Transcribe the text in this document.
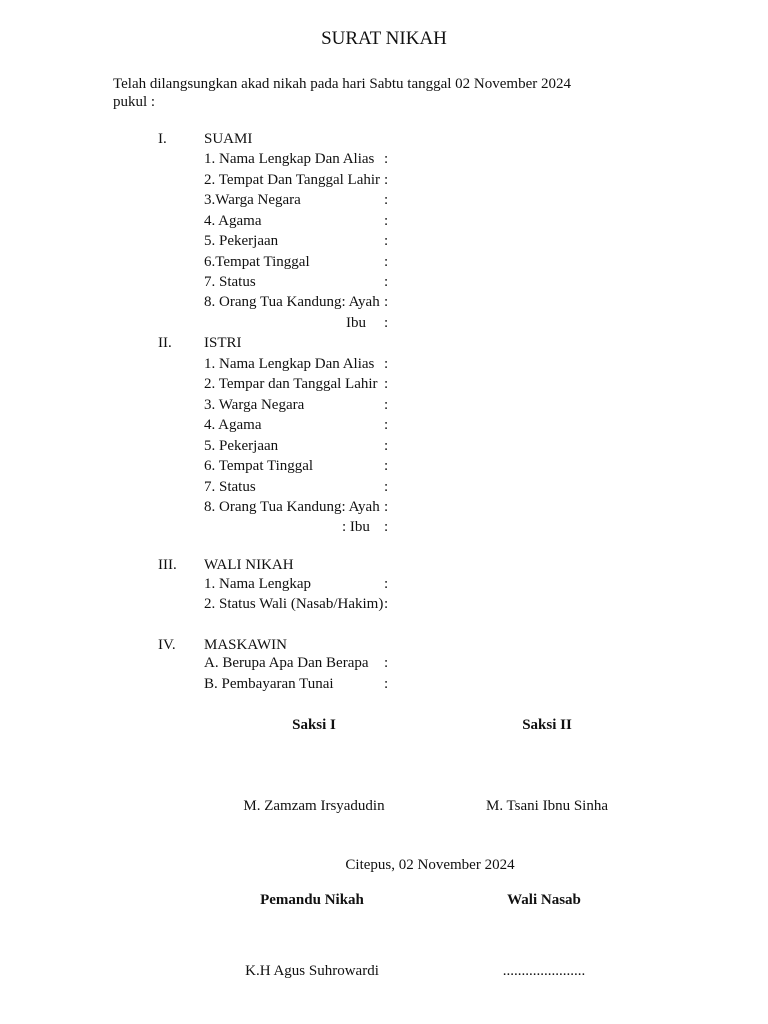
SURAT NIKAH
Telah dilangsungkan akad nikah pada hari Sabtu tanggal 02 November 2024
pukul :
I. SUAMI
1. Nama Lengkap Dan Alias :
2. Tempat Dan Tanggal Lahir :
3.Warga Negara	:
4. Agama	:
5. Pekerjaan	:
6.Tempat Tinggal	:
7. Status	:
8. Orang Tua Kandung: Ayah :
Ibu :
II. ISTRI
1. Nama Lengkap Dan Alias :
2. Tempar dan Tanggal Lahir :
3. Warga Negara	:
4. Agama	:
5. Pekerjaan	:
6. Tempat Tinggal	:
7. Status	:
8. Orang Tua Kandung: Ayah :
: Ibu :
III. WALI NIKAH
1. Nama Lengkap	:
2. Status Wali (Nasab/Hakim) :
IV. MASKAWIN
A. Berupa Apa Dan Berapa :
B. Pembayaran Tunai	:
Saksi I	Saksi II
M. Zamzam Irsyadudin	M. Tsani Ibnu Sinha
Citepus, 02 November 2024
Pemandu Nikah	Wali Nasab
K.H Agus Suhrowardi	......................
